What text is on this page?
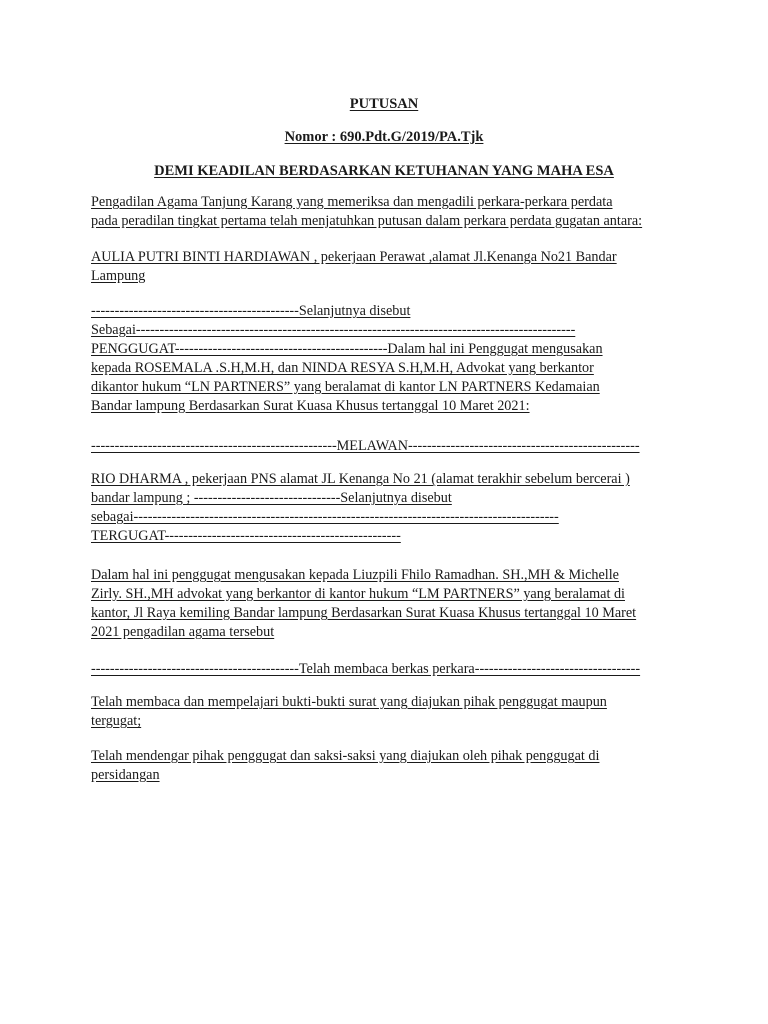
PUTUSAN
Nomor : 690.Pdt.G/2019/PA.Tjk
DEMI KEADILAN BERDASARKAN KETUHANAN YANG MAHA ESA
Pengadilan Agama Tanjung Karang yang memeriksa dan mengadili perkara-perkara perdata
pada peradilan tingkat pertama telah menjatuhkan putusan dalam perkara perdata gugatan antara:
AULIA PUTRI BINTI HARDIAWAN , pekerjaan Perawat ,alamat Jl.Kenanga No21 Bandar
Lampung
--------------------------------------------Selanjutnya disebut
Sebagai---------------------------------------------------------------------------------------------
PENGGUGAT---------------------------------------------Dalam hal ini Penggugat mengusakan
kepada ROSEMALA .S.H,M.H, dan NINDA RESYA S.H,M.H, Advokat yang berkantor
dikantor hukum “LN PARTNERS” yang beralamat di kantor LN PARTNERS Kedamaian
Bandar lampung Berdasarkan Surat Kuasa Khusus tertanggal 10 Maret 2021:
----------------------------------------------------MELAWAN-------------------------------------------------
RIO DHARMA , pekerjaan PNS alamat JL Kenanga No 21 (alamat terakhir sebelum bercerai )
bandar lampung ; -------------------------------Selanjutnya disebut
sebagai------------------------------------------------------------------------------------------
TERGUGAT--------------------------------------------------
Dalam hal ini penggugat mengusakan kepada Liuzpili Fhilo Ramadhan. SH.,MH & Michelle
Zirly. SH.,MH advokat yang berkantor di kantor hukum “LM PARTNERS” yang beralamat di
kantor, Jl Raya kemiling Bandar lampung Berdasarkan Surat Kuasa Khusus tertanggal 10 Maret
2021 pengadilan agama tersebut
--------------------------------------------Telah membaca berkas perkara-----------------------------------
Telah membaca dan mempelajari bukti-bukti surat yang diajukan pihak penggugat maupun
tergugat;
Telah mendengar pihak penggugat dan saksi-saksi yang diajukan oleh pihak penggugat di
persidangan
